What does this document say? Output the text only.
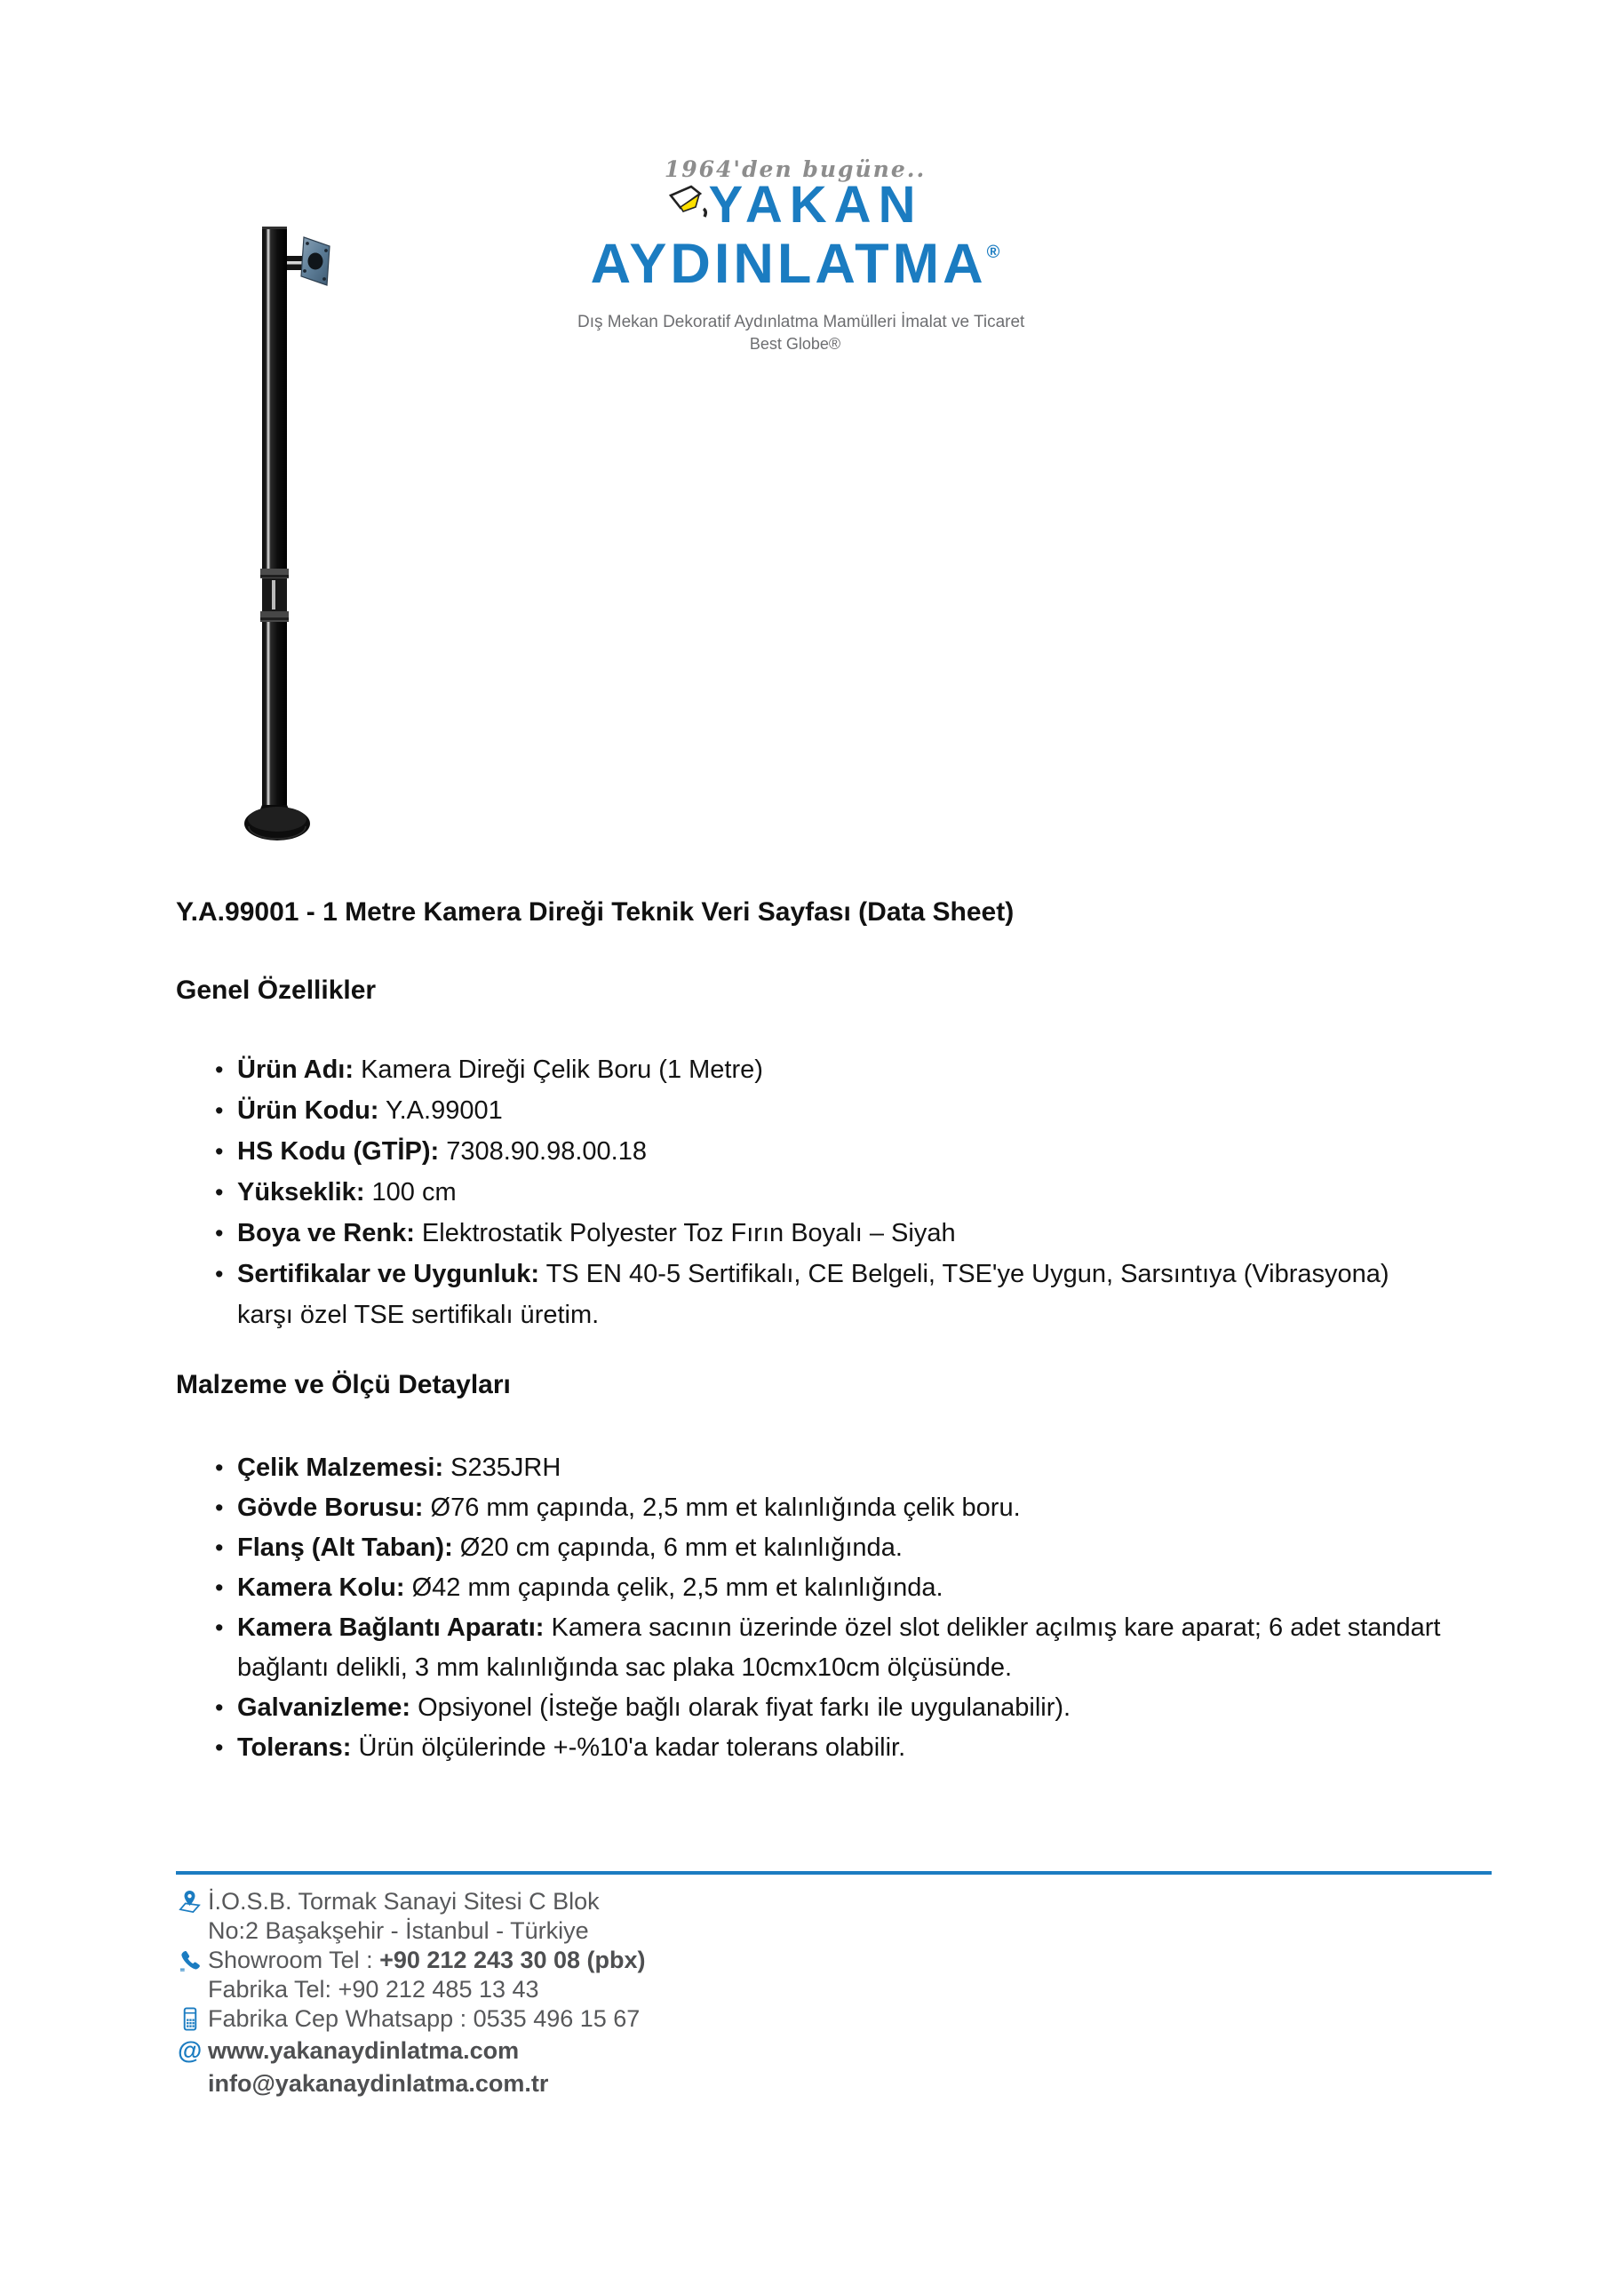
1964'den bugüne..
YAKAN
AYDINLATMA®
Dış Mekan Dekoratif Aydınlatma Mamülleri İmalat ve Ticaret
Best Globe®
Y.A.99001 - 1 Metre Kamera Direği Teknik Veri Sayfası (Data Sheet)
Genel Özellikler
• Ürün Adı: Kamera Direği Çelik Boru (1 Metre)
• Ürün Kodu: Y.A.99001
• HS Kodu (GTİP): 7308.90.98.00.18
• Yükseklik: 100 cm
• Boya ve Renk: Elektrostatik Polyester Toz Fırın Boyalı – Siyah
• Sertifikalar ve Uygunluk: TS EN 40-5 Sertifikalı, CE Belgeli, TSE'ye Uygun, Sarsıntıya (Vibrasyona) karşı özel TSE sertifikalı üretim.
Malzeme ve Ölçü Detayları
• Çelik Malzemesi: S235JRH
• Gövde Borusu: Ø76 mm çapında, 2,5 mm et kalınlığında çelik boru.
• Flanş (Alt Taban): Ø20 cm çapında, 6 mm et kalınlığında.
• Kamera Kolu: Ø42 mm çapında çelik, 2,5 mm et kalınlığında.
• Kamera Bağlantı Aparatı: Kamera sacının üzerinde özel slot delikler açılmış kare aparat; 6 adet standart bağlantı delikli, 3 mm kalınlığında sac plaka 10cmx10cm ölçüsünde.
• Galvanizleme: Opsiyonel (İsteğe bağlı olarak fiyat farkı ile uygulanabilir).
• Tolerans: Ürün ölçülerinde +-%10'a kadar tolerans olabilir.
İ.O.S.B. Tormak Sanayi Sitesi C Blok
No:2 Başakşehir - İstanbul - Türkiye
Showroom Tel : +90 212 243 30 08 (pbx)
Fabrika Tel: +90 212 485 13 43
Fabrika Cep Whatsapp : 0535 496 15 67
@ www.yakanaydinlatma.com
info@yakanaydinlatma.com.tr
